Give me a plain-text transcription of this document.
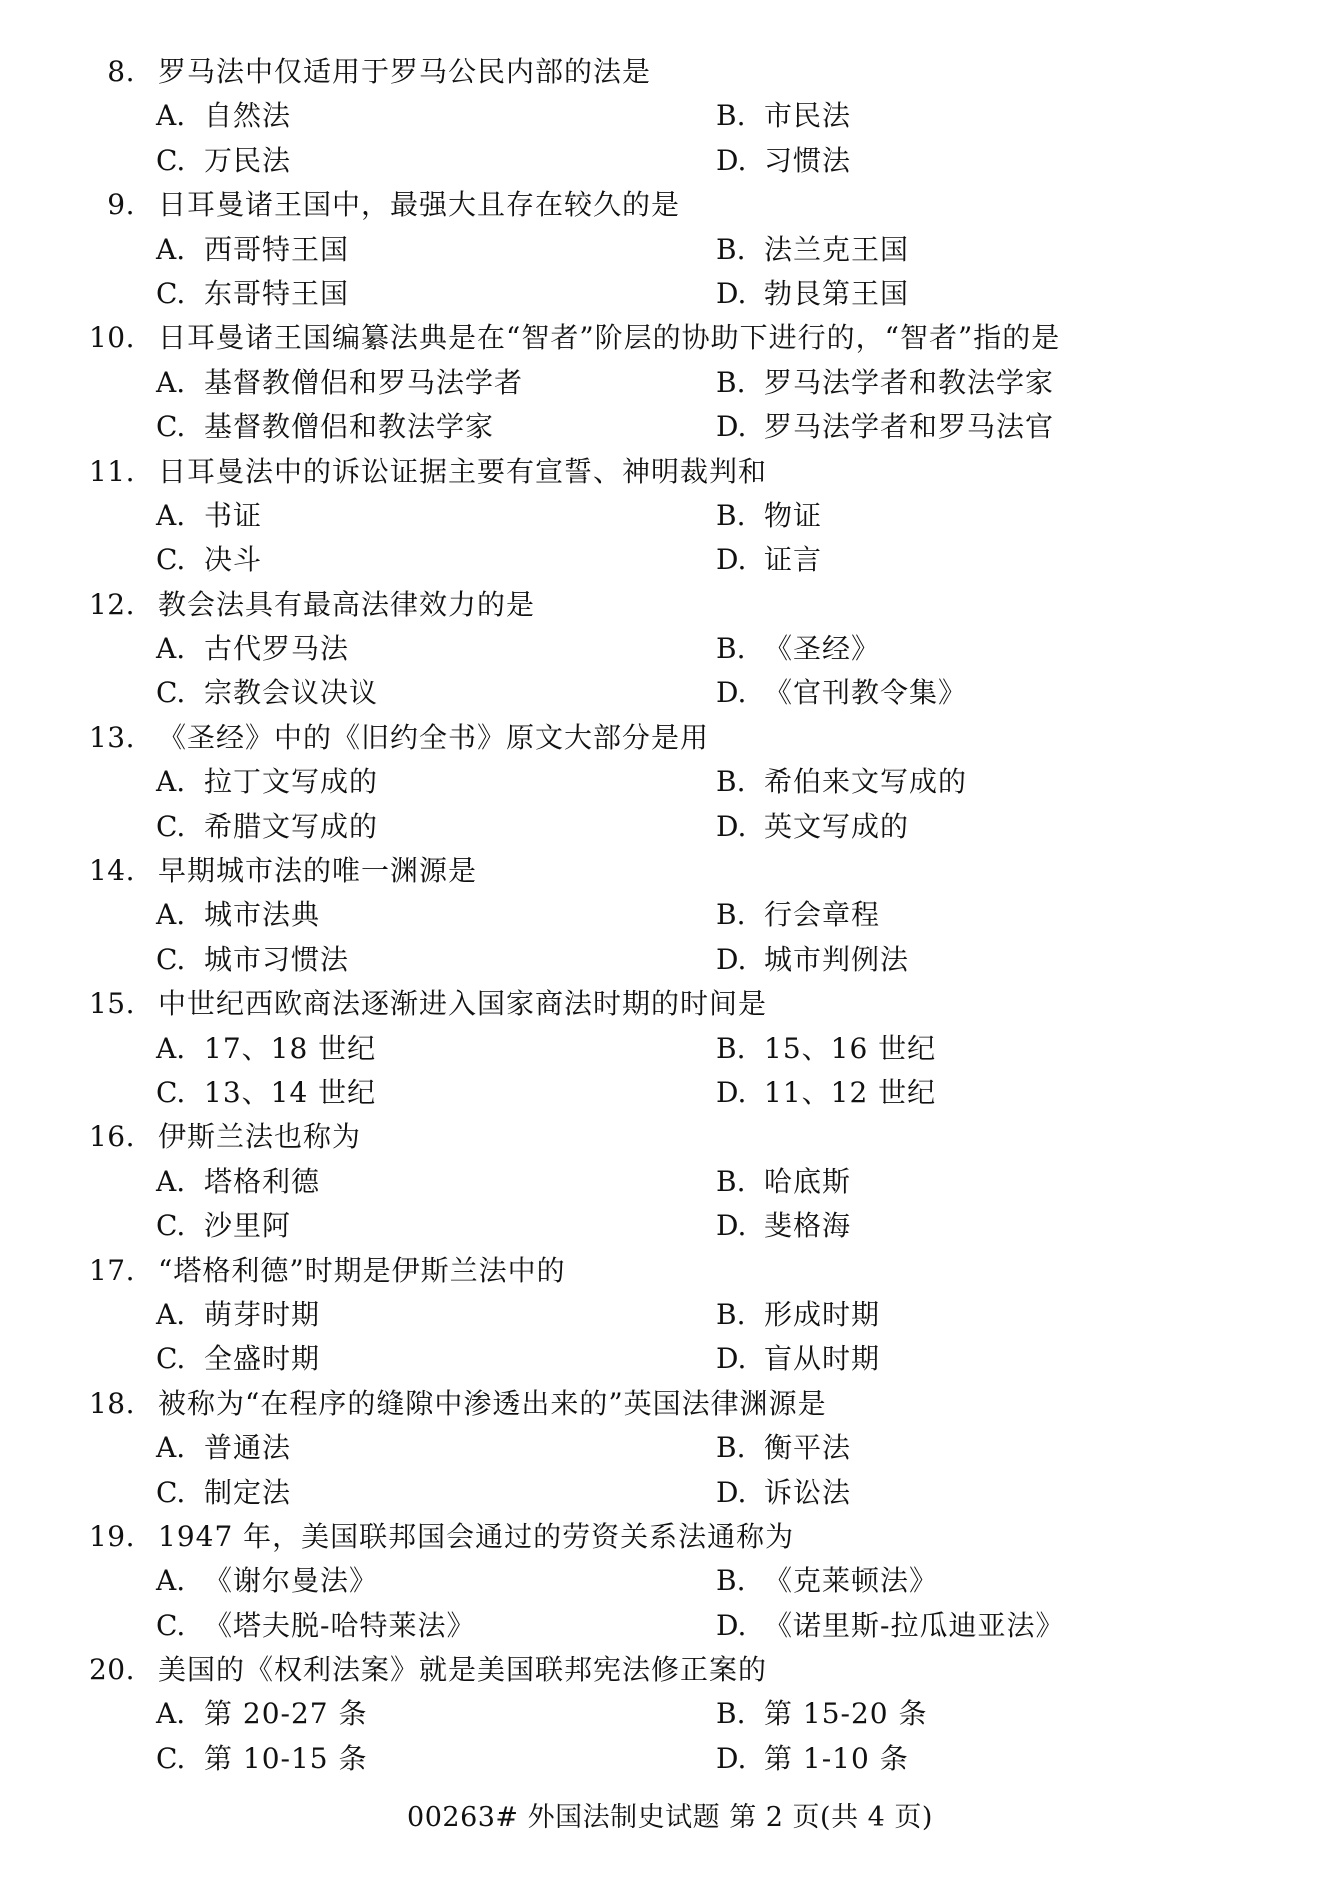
8. 罗马法中仅适用于罗马公民内部的法是
A. 自然法	B. 市民法
C. 万民法	D. 习惯法
9. 日耳曼诸王国中，最强大且存在较久的是
A. 西哥特王国	B. 法兰克王国
C. 东哥特王国	D. 勃艮第王国
10. 日耳曼诸王国编纂法典是在“智者”阶层的协助下进行的，“智者”指的是
A. 基督教僧侣和罗马法学者	B. 罗马法学者和教法学家
C. 基督教僧侣和教法学家	D. 罗马法学者和罗马法官
11. 日耳曼法中的诉讼证据主要有宣誓、神明裁判和
A. 书证	B. 物证
C. 决斗	D. 证言
12. 教会法具有最高法律效力的是
A. 古代罗马法	B. 《圣经》
C. 宗教会议决议	D. 《官刊教令集》
13. 《圣经》中的《旧约全书》原文大部分是用
A. 拉丁文写成的	B. 希伯来文写成的
C. 希腊文写成的	D. 英文写成的
14. 早期城市法的唯一渊源是
A. 城市法典	B. 行会章程
C. 城市习惯法	D. 城市判例法
15. 中世纪西欧商法逐渐进入国家商法时期的时间是
A. 17、18 世纪	B. 15、16 世纪
C. 13、14 世纪	D. 11、12 世纪
16. 伊斯兰法也称为
A. 塔格利德	B. 哈底斯
C. 沙里阿	D. 斐格海
17. “塔格利德”时期是伊斯兰法中的
A. 萌芽时期	B. 形成时期
C. 全盛时期	D. 盲从时期
18. 被称为“在程序的缝隙中渗透出来的”英国法律渊源是
A. 普通法	B. 衡平法
C. 制定法	D. 诉讼法
19. 1947 年，美国联邦国会通过的劳资关系法通称为
A. 《谢尔曼法》	B. 《克莱顿法》
C. 《塔夫脱-哈特莱法》	D. 《诺里斯-拉瓜迪亚法》
20. 美国的《权利法案》就是美国联邦宪法修正案的
A. 第 20-27 条	B. 第 15-20 条
C. 第 10-15 条	D. 第 1-10 条
00263# 外国法制史试题 第 2 页(共 4 页)
